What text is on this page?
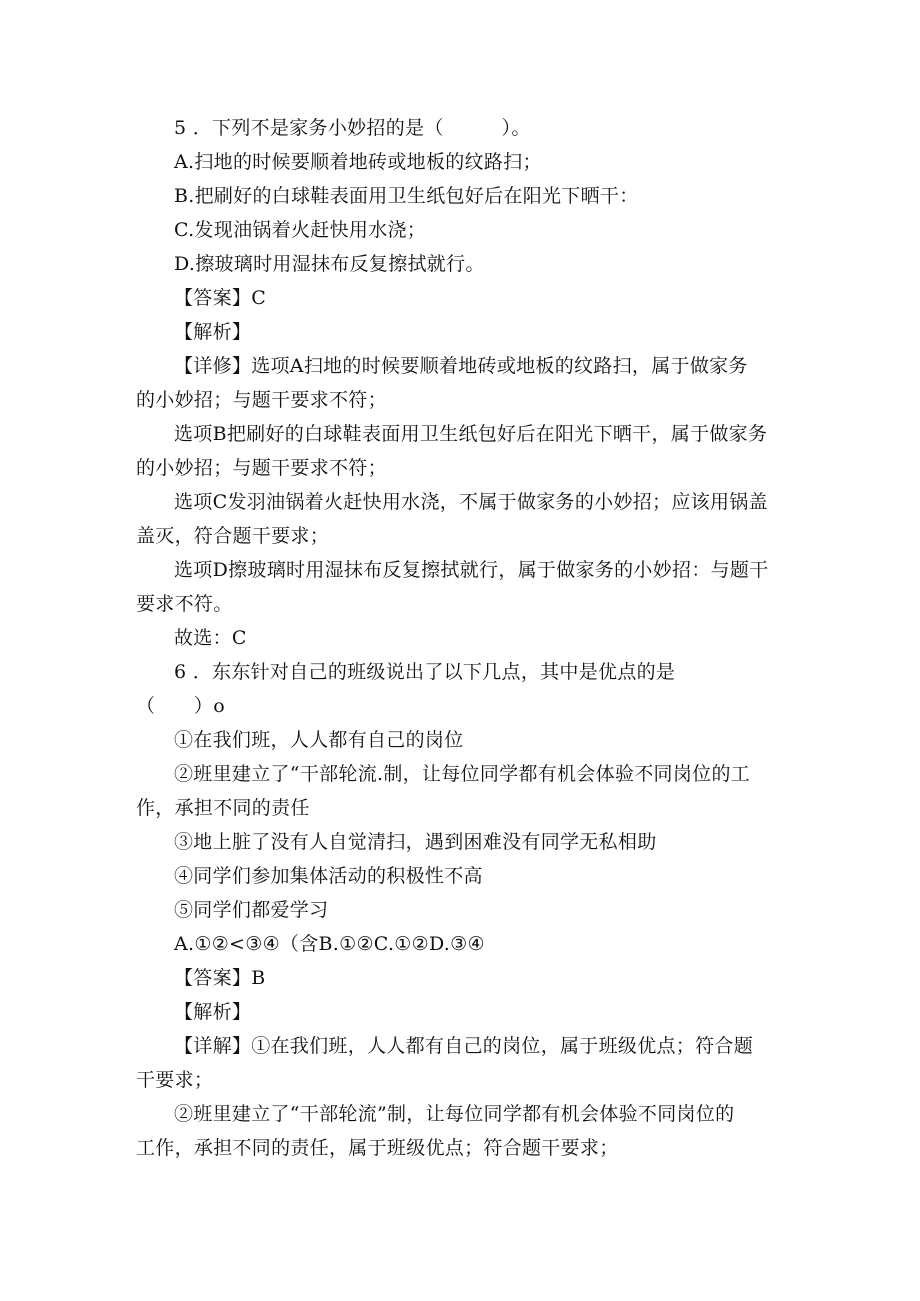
5 ．下列不是家务小妙招的是（　　　）。
A.扫地的时候要顺着地砖或地板的纹路扫；
B.把刷好的白球鞋表面用卫生纸包好后在阳光下晒干：
C.发现油锅着火赶快用水浇；
D.擦玻璃时用湿抹布反复擦拭就行。
【答案】C
【解析】
【详修】选项A扫地的时候要顺着地砖或地板的纹路扫，属于做家务
的小妙招；与题干要求不符；
选项B把刷好的白球鞋表面用卫生纸包好后在阳光下晒干，属于做家务
的小妙招；与题干要求不符；
选项C发羽油锅着火赶快用水浇，不属于做家务的小妙招；应该用锅盖
盖灭，符合题干要求；
选项D擦玻璃时用湿抹布反复擦拭就行，属于做家务的小妙招：与题干
要求不符。
故选：C
6 ．东东针对自己的班级说出了以下几点，其中是优点的是
（　　）o
①在我们班，人人都有自己的岗位
②班里建立了“干部轮流.制，让每位同学都有机会体验不同岗位的工
作，承担不同的责任
③地上脏了没有人自觉清扫，遇到困难没有同学无私相助
④同学们参加集体活动的积极性不高
⑤同学们都爱学习
A.①②<③④（含B.①②C.①②D.③④
【答案】B
【解析】
【详解】①在我们班，人人都有自己的岗位，属于班级优点；符合题
干要求；
②班里建立了“干部轮流”制，让每位同学都有机会体验不同岗位的
工作，承担不同的责任，属于班级优点；符合题干要求；
